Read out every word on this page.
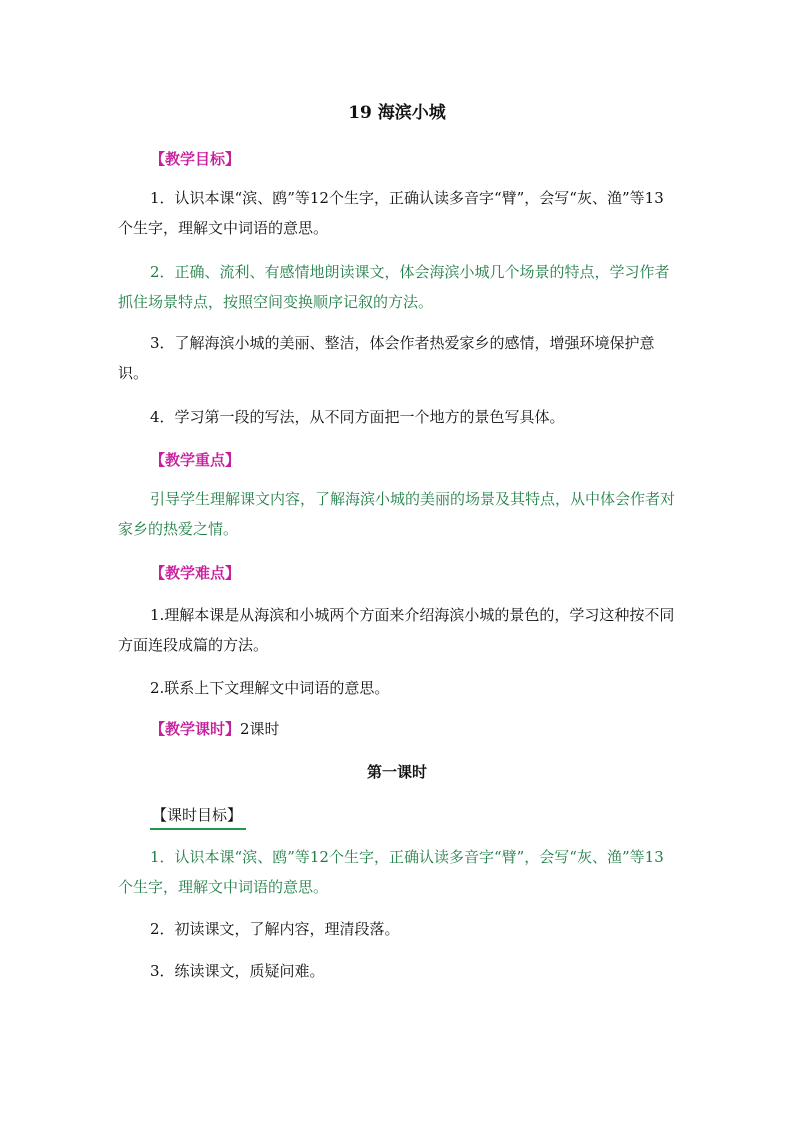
19 海滨小城
【教学目标】
1．认识本课“滨、鸥”等12个生字，正确认读多音字“臂”，会写“灰、渔”等13个生字，理解文中词语的意思。
2．正确、流利、有感情地朗读课文，体会海滨小城几个场景的特点，学习作者抓住场景特点，按照空间变换顺序记叙的方法。
3．了解海滨小城的美丽、整洁，体会作者热爱家乡的感情，增强环境保护意识。
4．学习第一段的写法，从不同方面把一个地方的景色写具体。
【教学重点】
引导学生理解课文内容，了解海滨小城的美丽的场景及其特点，从中体会作者对家乡的热爱之情。
【教学难点】
1.理解本课是从海滨和小城两个方面来介绍海滨小城的景色的，学习这种按不同方面连段成篇的方法。
2.联系上下文理解文中词语的意思。
【教学课时】2课时
第一课时
【课时目标】
1．认识本课“滨、鸥”等12个生字，正确认读多音字“臂”，会写“灰、渔”等13个生字，理解文中词语的意思。
2．初读课文，了解内容，理清段落。
3．练读课文，质疑问难。
